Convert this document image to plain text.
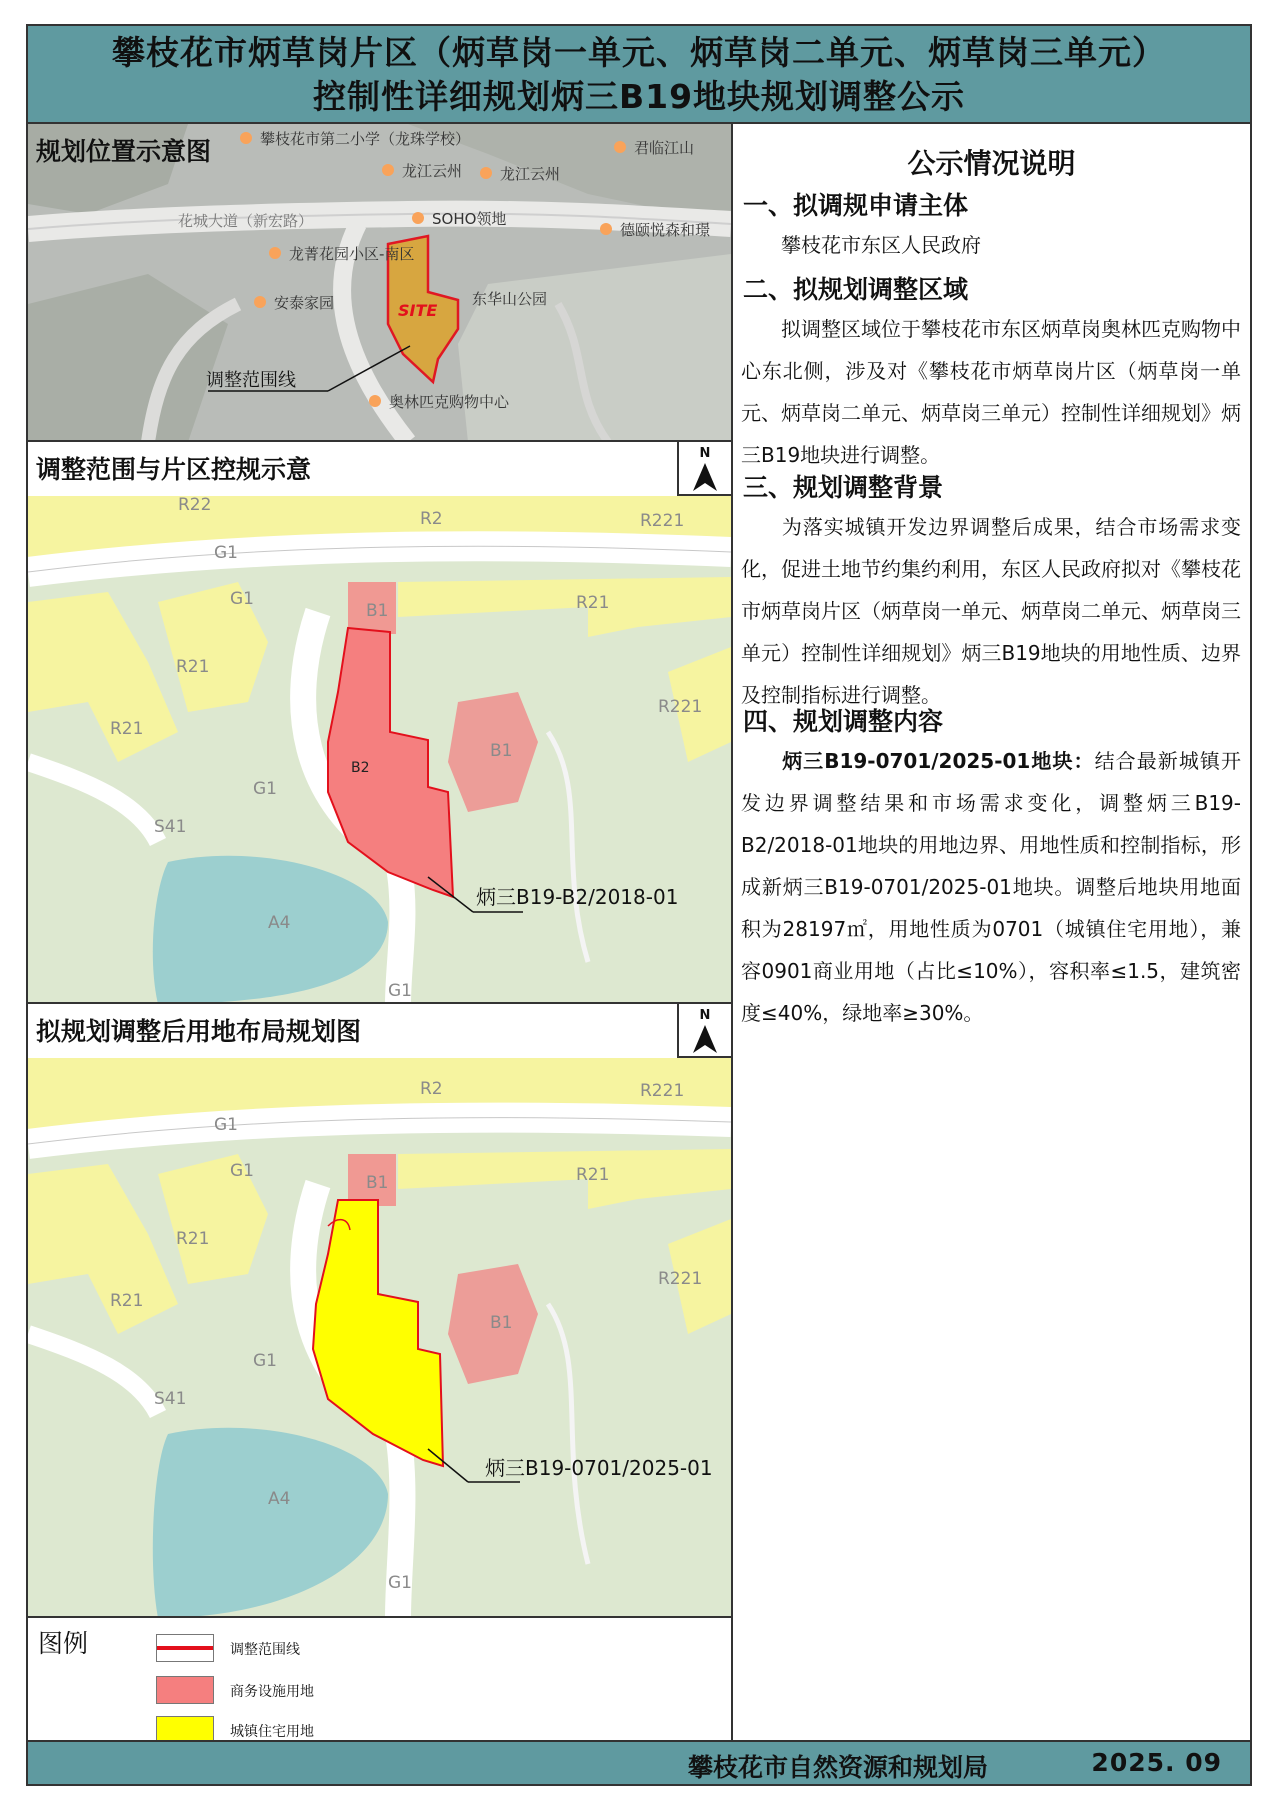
攀枝花市炳草岗片区（炳草岗一单元、炳草岗二单元、炳草岗三单元）
控制性详细规划炳三B19地块规划调整公示
花城大道（新宏路）
SITE
攀枝花市第二小学（龙珠学校）
龙江云州	龙江云州
君临江山
SOHO领地
德颐悦森和璟
龙菁花园小区-南区
安泰家园	东华山公园
奥林匹克购物中心
调整范围线
规划位置示意图
B2
R2	R221
G1
G1
B1	R21
R21
R21
B1
R221
G1
S41
A4
G1
R22
炳三B19-B2/2018-01
调整范围与片区控规示意
N
R2	R221
G1
G1
B1	R21
R21
R21
B1
R221
G1
S41
A4
G1
炳三B19-0701/2025-01
拟规划调整后用地布局规划图
N
图例	调整范围线
商务设施用地
城镇住宅用地
公示情况说明
一、拟调规申请主体
攀枝花市东区人民政府
二、拟规划调整区域
拟调整区域位于攀枝花市东区炳草岗奥林匹克购物中心东北侧，涉及对《攀枝花市炳草岗片区（炳草岗一单元、炳草岗二单元、炳草岗三单元）控制性详细规划》炳三B19地块进行调整。
三、规划调整背景
为落实城镇开发边界调整后成果，结合市场需求变化，促进土地节约集约利用，东区人民政府拟对《攀枝花市炳草岗片区（炳草岗一单元、炳草岗二单元、炳草岗三单元）控制性详细规划》炳三B19地块的用地性质、边界及控制指标进行调整。
四、规划调整内容
炳三B19-0701/2025-01地块：结合最新城镇开发边界调整结果和市场需求变化，调整炳三B19-B2/2018-01地块的用地边界、用地性质和控制指标，形成新炳三B19-0701/2025-01地块。调整后地块用地面积为28197㎡，用地性质为0701（城镇住宅用地），兼容0901商业用地（占比≤10%），容积率≤1.5，建筑密度≤40%，绿地率≥30%。
攀枝花市自然资源和规划局	2025. 09
